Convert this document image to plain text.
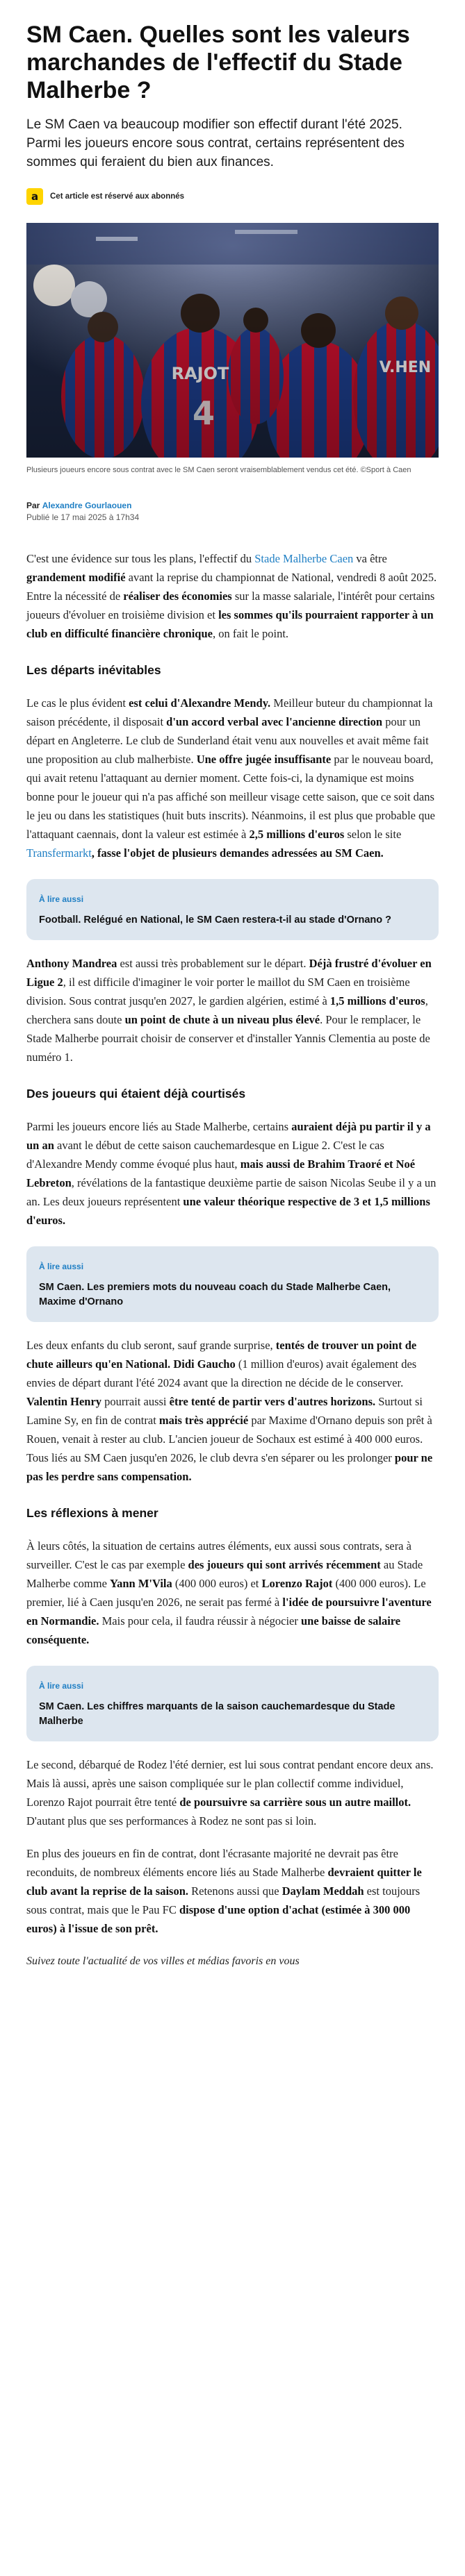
SM Caen. Quelles sont les valeurs marchandes de l'effectif du Stade Malherbe ?

Le SM Caen va beaucoup modifier son effectif durant l'été 2025. Parmi les joueurs encore sous contrat, certains représentent des sommes qui feraient du bien aux finances.

a	Cet article est réservé aux abonnés

Plusieurs joueurs encore sous contrat avec le SM Caen seront vraisemblablement vendus cet été. ©Sport à Caen

Par Alexandre Gourlaouen
Publié le 17 mai 2025 à 17h34

C'est une évidence sur tous les plans, l'effectif du Stade Malherbe Caen va être grandement modifié avant la reprise du championnat de National, vendredi 8 août 2025. Entre la nécessité de réaliser des économies sur la masse salariale, l'intérêt pour certains joueurs d'évoluer en troisième division et les sommes qu'ils pourraient rapporter à un club en difficulté financière chronique, on fait le point.

Les départs inévitables

Le cas le plus évident est celui d'Alexandre Mendy. Meilleur buteur du championnat la saison précédente, il disposait d'un accord verbal avec l'ancienne direction pour un départ en Angleterre. Le club de Sunderland était venu aux nouvelles et avait même fait une proposition au club malherbiste. Une offre jugée insuffisante par le nouveau board, qui avait retenu l'attaquant au dernier moment. Cette fois-ci, la dynamique est moins bonne pour le joueur qui n'a pas affiché son meilleur visage cette saison, que ce soit dans le jeu ou dans les statistiques (huit buts inscrits). Néanmoins, il est plus que probable que l'attaquant caennais, dont la valeur est estimée à 2,5 millions d'euros selon le site Transfermarkt, fasse l'objet de plusieurs demandes adressées au SM Caen.

À lire aussi
Football. Relégué en National, le SM Caen restera-t-il au stade d'Ornano ?

Anthony Mandrea est aussi très probablement sur le départ. Déjà frustré d'évoluer en Ligue 2, il est difficile d'imaginer le voir porter le maillot du SM Caen en troisième division. Sous contrat jusqu'en 2027, le gardien algérien, estimé à 1,5 millions d'euros, cherchera sans doute un point de chute à un niveau plus élevé. Pour le remplacer, le Stade Malherbe pourrait choisir de conserver et d'installer Yannis Clementia au poste de numéro 1.

Des joueurs qui étaient déjà courtisés

Parmi les joueurs encore liés au Stade Malherbe, certains auraient déjà pu partir il y a un an avant le début de cette saison cauchemardesque en Ligue 2. C'est le cas d'Alexandre Mendy comme évoqué plus haut, mais aussi de Brahim Traoré et Noé Lebreton, révélations de la fantastique deuxième partie de saison Nicolas Seube il y a un an. Les deux joueurs représentent une valeur théorique respective de 3 et 1,5 millions d'euros.

À lire aussi
SM Caen. Les premiers mots du nouveau coach du Stade Malherbe Caen, Maxime d'Ornano

Les deux enfants du club seront, sauf grande surprise, tentés de trouver un point de chute ailleurs qu'en National. Didi Gaucho (1 million d'euros) avait également des envies de départ durant l'été 2024 avant que la direction ne décide de le conserver. Valentin Henry pourrait aussi être tenté de partir vers d'autres horizons. Surtout si Lamine Sy, en fin de contrat mais très apprécié par Maxime d'Ornano depuis son prêt à Rouen, venait à rester au club. L'ancien joueur de Sochaux est estimé à 400 000 euros. Tous liés au SM Caen jusqu'en 2026, le club devra s'en séparer ou les prolonger pour ne pas les perdre sans compensation.

Les réflexions à mener

À leurs côtés, la situation de certains autres éléments, eux aussi sous contrats, sera à surveiller. C'est le cas par exemple des joueurs qui sont arrivés récemment au Stade Malherbe comme Yann M'Vila (400 000 euros) et Lorenzo Rajot (400 000 euros). Le premier, lié à Caen jusqu'en 2026, ne serait pas fermé à l'idée de poursuivre l'aventure en Normandie. Mais pour cela, il faudra réussir à négocier une baisse de salaire conséquente.

À lire aussi
SM Caen. Les chiffres marquants de la saison cauchemardesque du Stade Malherbe

Le second, débarqué de Rodez l'été dernier, est lui sous contrat pendant encore deux ans. Mais là aussi, après une saison compliquée sur le plan collectif comme individuel, Lorenzo Rajot pourrait être tenté de poursuivre sa carrière sous un autre maillot. D'autant plus que ses performances à Rodez ne sont pas si loin.

En plus des joueurs en fin de contrat, dont l'écrasante majorité ne devrait pas être reconduits, de nombreux éléments encore liés au Stade Malherbe devraient quitter le club avant la reprise de la saison. Retenons aussi que Daylam Meddah est toujours sous contrat, mais que le Pau FC dispose d'une option d'achat (estimée à 300 000 euros) à l'issue de son prêt.

Suivez toute l'actualité de vos villes et médias favoris en vous
